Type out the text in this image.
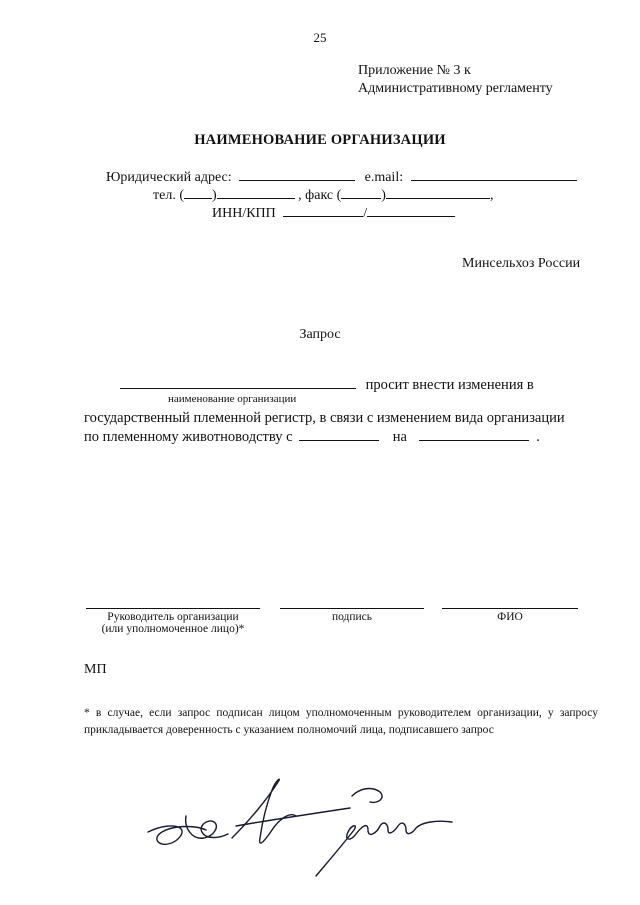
25
Приложение № 3 к
Административному регламенту
НАИМЕНОВАНИЕ ОРГАНИЗАЦИИ
Юридический адрес:	e.mail:
тел. ( )	, факс (	)	,
ИНН/КПП	/
Минсельхоз России
Запрос
просит внести изменения в
наименование организации
государственный племенной регистр, в связи с изменением вида организации
по племенному животноводству с	на	.
Руководитель организации
(или уполномоченное лицо)*
подпись	ФИО
МП
* в случае, если запрос подписан лицом уполномоченным руководителем организации, у запросу прикладывается доверенность с указанием полномочий лица, подписавшего запрос
